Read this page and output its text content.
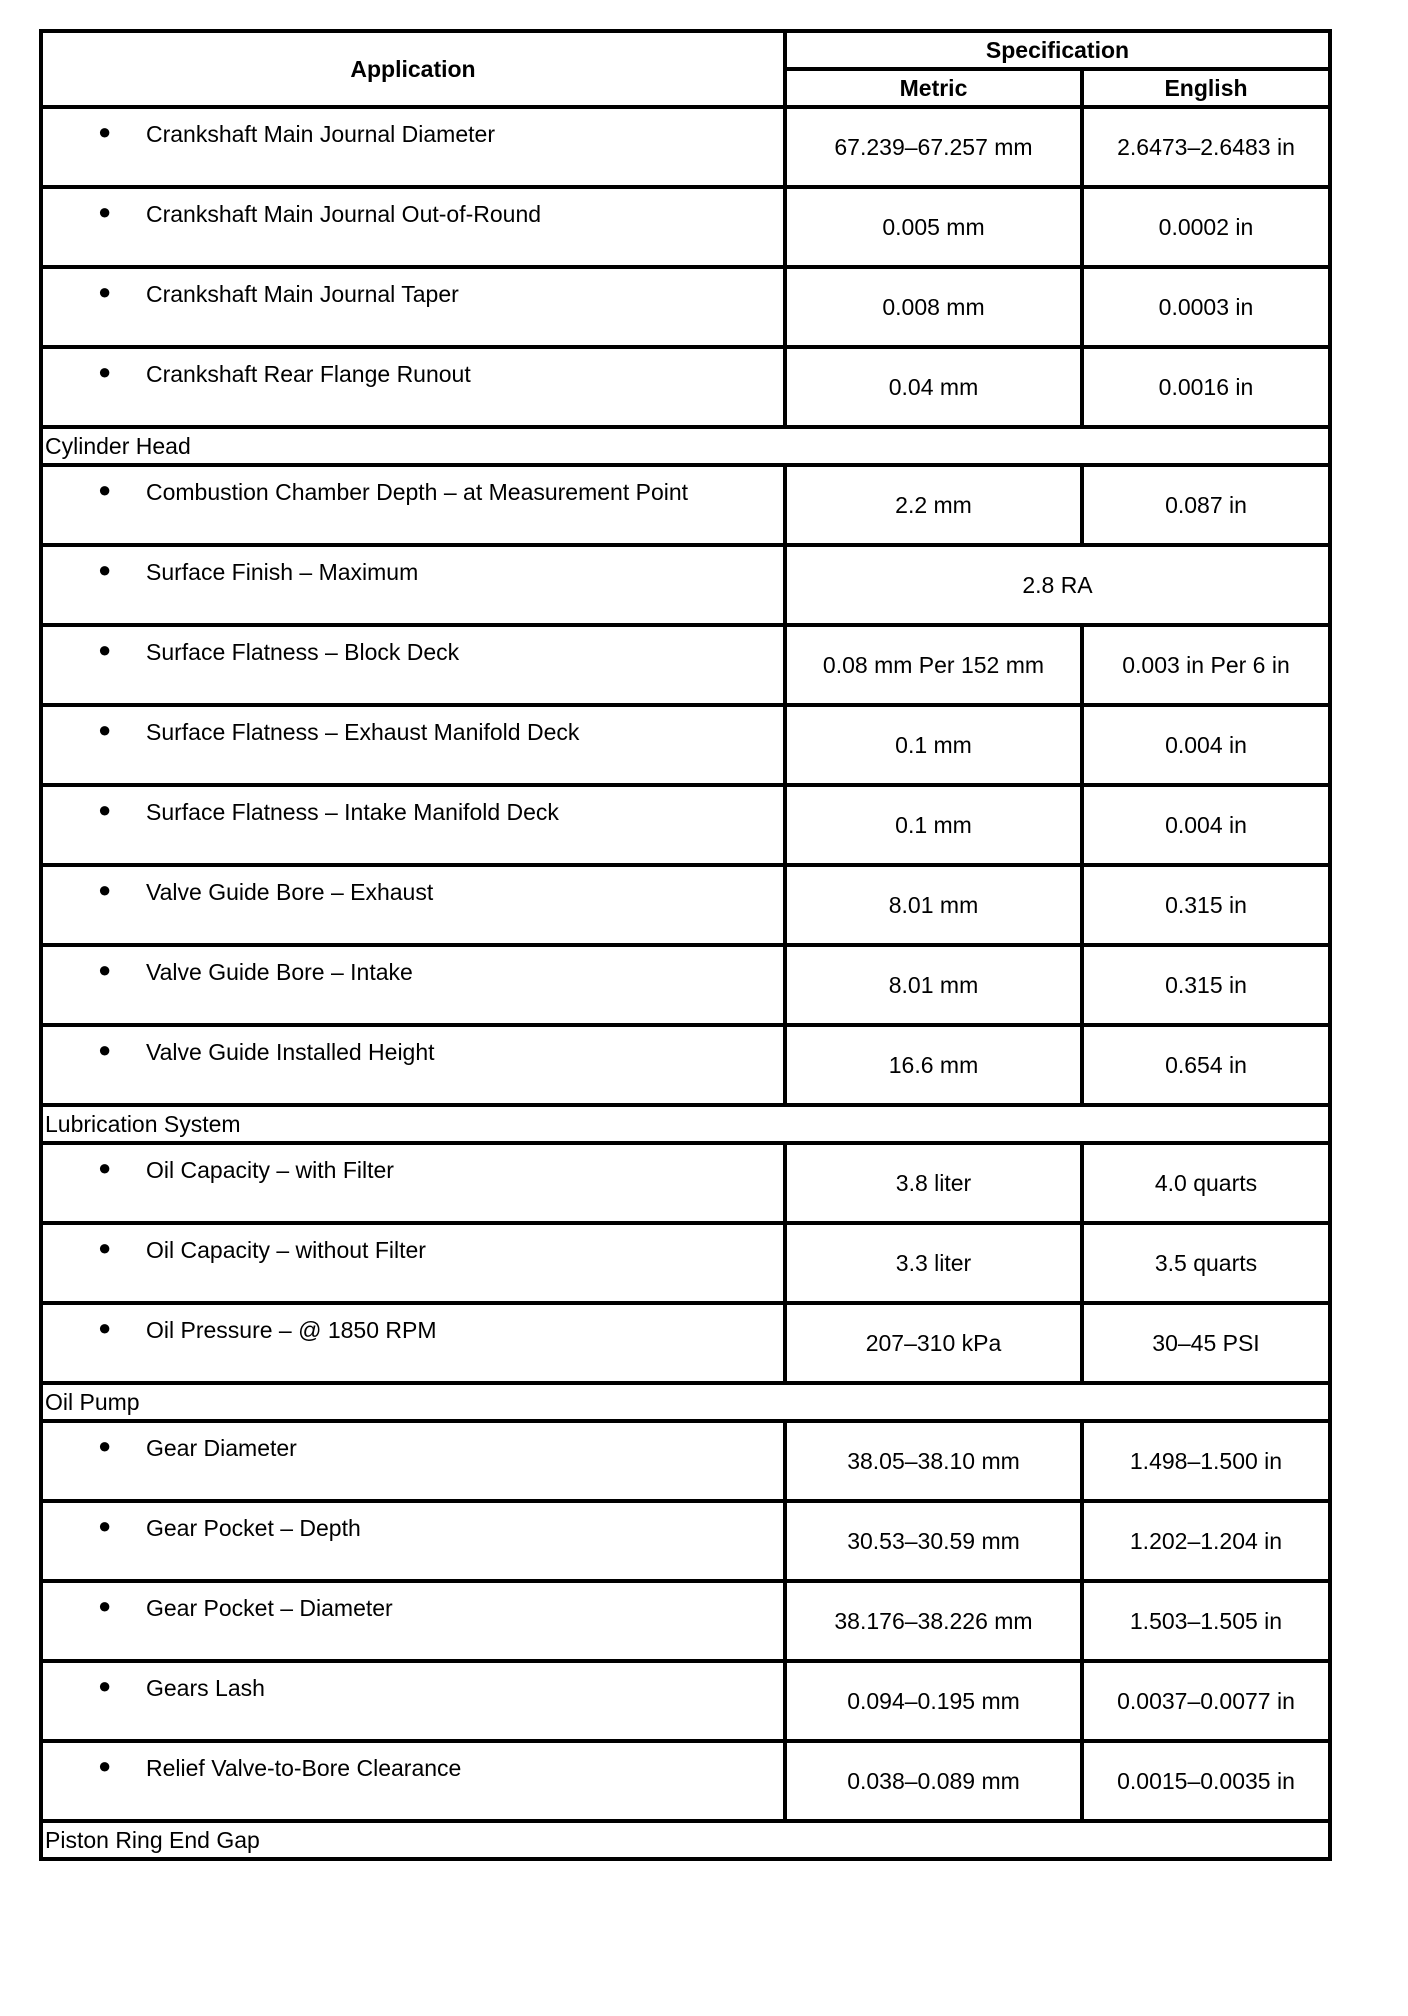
Application	Specification	
	Metric	English

● Crankshaft Main Journal Diameter	67.239–67.257 mm	2.6473–2.6483 in

● Crankshaft Main Journal Out-of-Round	0.005 mm	0.0002 in

● Crankshaft Main Journal Taper	0.008 mm	0.0003 in

● Crankshaft Rear Flange Runout	0.04 mm	0.0016 in
Cylinder Head		

● Combustion Chamber Depth – at Measurement Point	2.2 mm	0.087 in

● Surface Finish – Maximum	2.8 RA	

● Surface Flatness – Block Deck	0.08 mm Per 152 mm	0.003 in Per 6 in

● Surface Flatness – Exhaust Manifold Deck	0.1 mm	0.004 in

● Surface Flatness – Intake Manifold Deck	0.1 mm	0.004 in

● Valve Guide Bore – Exhaust	8.01 mm	0.315 in

● Valve Guide Bore – Intake	8.01 mm	0.315 in

● Valve Guide Installed Height	16.6 mm	0.654 in
Lubrication System		

● Oil Capacity – with Filter	3.8 liter	4.0 quarts

● Oil Capacity – without Filter	3.3 liter	3.5 quarts

● Oil Pressure – @ 1850 RPM	207–310 kPa	30–45 PSI
Oil Pump		

● Gear Diameter	38.05–38.10 mm	1.498–1.500 in

● Gear Pocket – Depth	30.53–30.59 mm	1.202–1.204 in

● Gear Pocket – Diameter	38.176–38.226 mm	1.503–1.505 in

● Gears Lash	0.094–0.195 mm	0.0037–0.0077 in

● Relief Valve-to-Bore Clearance	0.038–0.089 mm	0.0015–0.0035 in
Piston Ring End Gap		
